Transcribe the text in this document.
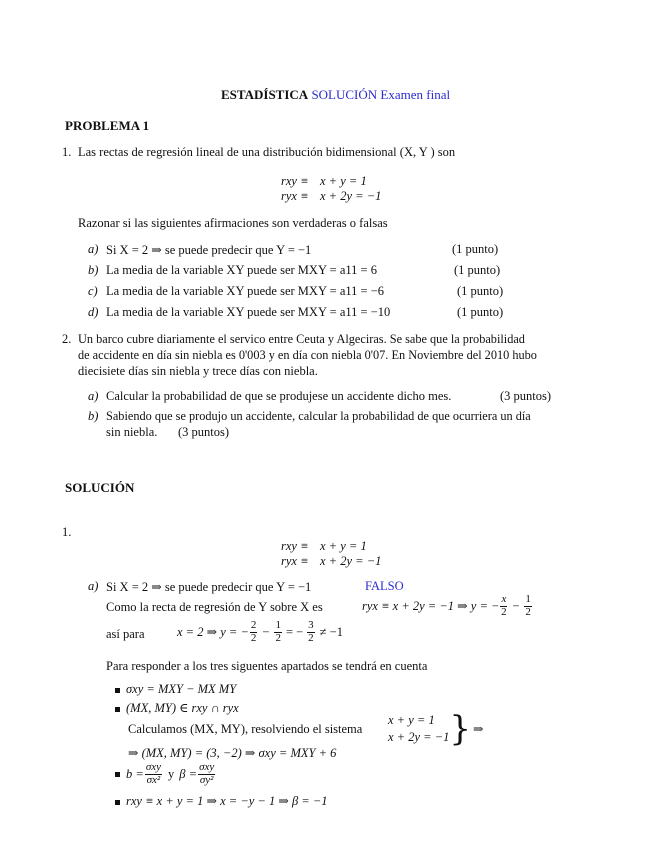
ESTADÍSTICA SOLUCIÓN Examen final
PROBLEMA 1
1. Las rectas de regresión lineal de una distribución bidimensional (X, Y ) son
rxy ≡ x + y = 1
ryx ≡ x + 2y = −1
Razonar si las siguientes afirmaciones son verdaderas o falsas
a) Si X = 2 ⇒ se puede predecir que Y = −1	(1 punto)
b) La media de la variable XY puede ser MXY = a11 = 6	(1 punto)
c) La media de la variable XY puede ser MXY = a11 = −6	(1 punto)
d) La media de la variable XY puede ser MXY = a11 = −10	(1 punto)
2. Un barco cubre diariamente el servico entre Ceuta y Algeciras. Se sabe que la probabilidad
de accidente en día sin niebla es 0'003 y en día con niebla 0'07. En Noviembre del 2010 hubo
diecisiete días sin niebla y trece días con niebla.
a) Calcular la probabilidad de que se produjese un accidente dicho mes.	(3 puntos)
b) Sabiendo que se produjo un accidente, calcular la probabilidad de que ocurriera un día
sin niebla. (3 puntos)
SOLUCIÓN
1.
rxy ≡ x + y = 1
ryx ≡ x + 2y = −1
a) Si X = 2 ⇒ se puede predecir que Y = −1	FALSO
Como la recta de regresión de Y sobre X es	ryx ≡ x + 2y = −1 ⇒ y = − $\frac{x}{2} - \frac{1}{2}$
así para	x = 2 ⇒ y = − $\frac{2}{2} - \frac{1}{2}$ = − $\frac{3}{2} \ne -1$
Para responder a los tres siguentes apartados se tendrá en cuenta
σxy = MXY − MX MY
(MX, MY) ∈ rxy ∩ ryx
Calculamos (MX, MY), resolviendo el sistema
x + y = 1
x + 2y = −1 } ⇒
⇒ (MX, MY) = (3, −2) ⇒ σxy = MXY + 6
$b = \frac{\text{σxy}}{\text{σx²}}$ y $\beta = \frac{\text{σxy}}{\text{σy²}}$
rxy ≡ x + y = 1 ⇒ x = −y − 1 ⇒ β = −1
